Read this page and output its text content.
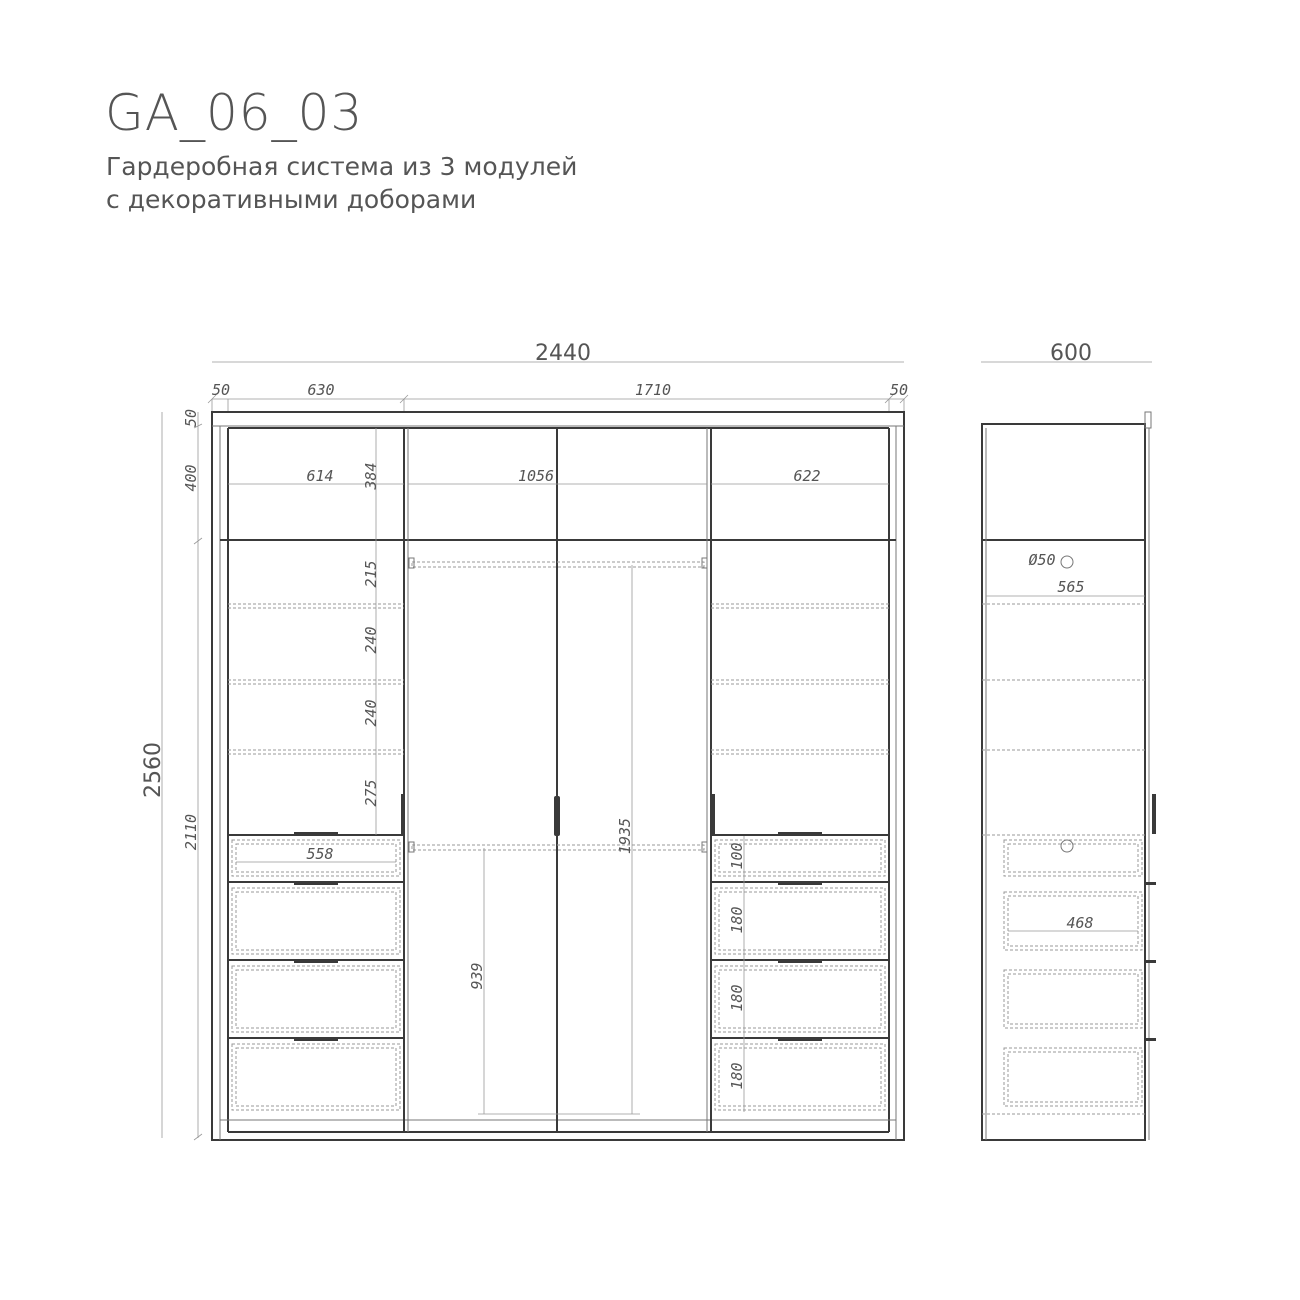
GA_06_03
Гардеробная система из 3 модулей
с декоративными доборами
2440	600
2560
2110
50
400
50	630	1710	50
614	1056	622
384
215
240
240
275
1935
939
558	100
180
180
180
Ø50
565
468
